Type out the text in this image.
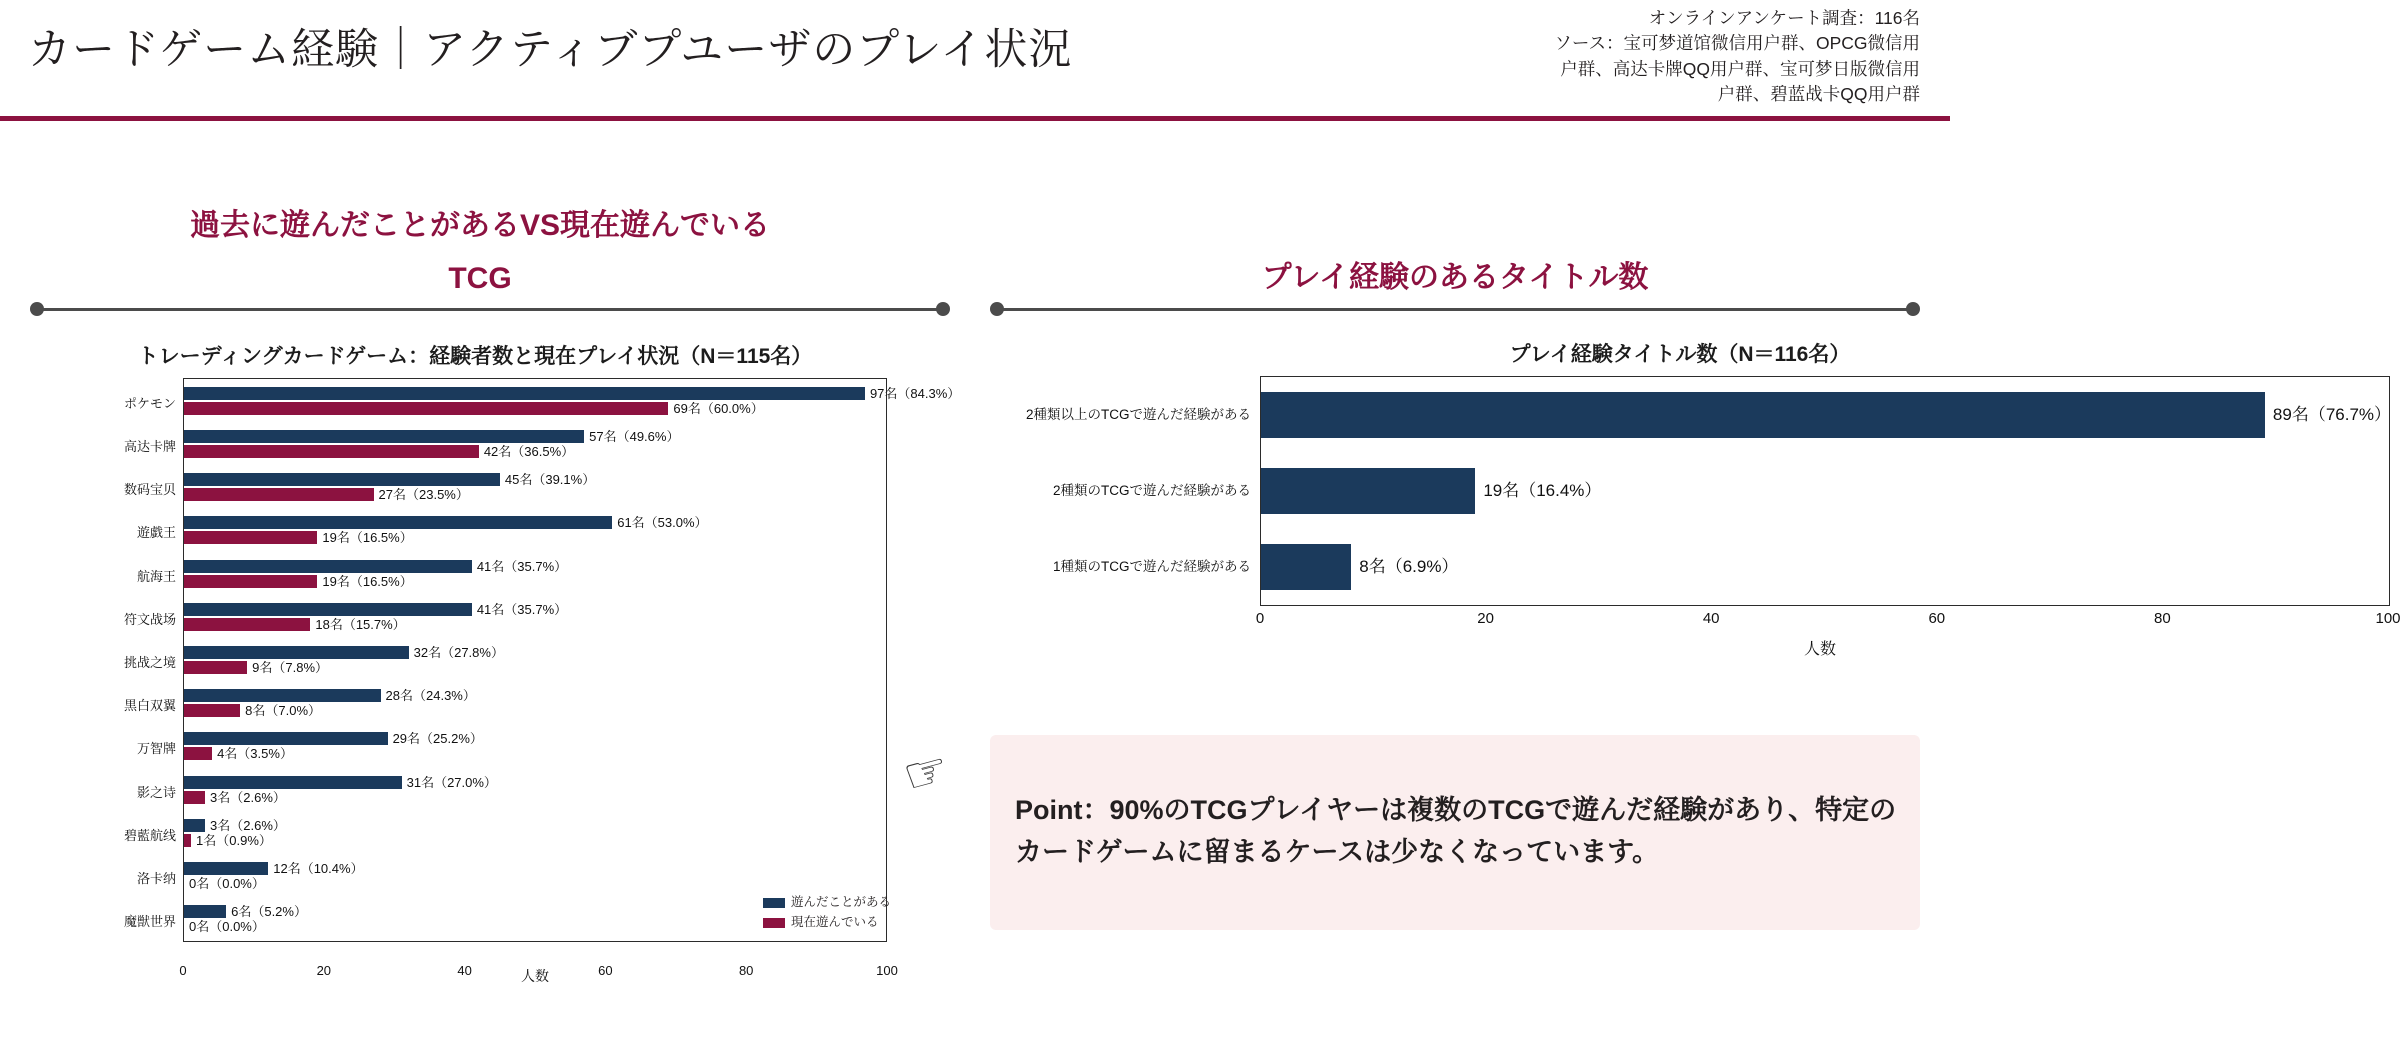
カードゲーム経験｜アクティブプユーザのプレイ状況
オンラインアンケート調査：116名
ソース：宝可梦道馆微信用户群、OPCG微信用
户群、高达卡牌QQ用户群、宝可梦日版微信用
户群、碧蓝战卡QQ用户群
過去に遊んだことがあるVS現在遊んでいる
TCG	プレイ経験のあるタイトル数
トレーディングカードゲーム：経験者数と現在プレイ状況（N＝115名）
ポケモン
97名（84.3%）
69名（60.0%）
高达卡牌
57名（49.6%）
42名（36.5%）
数码宝贝
45名（39.1%）
27名（23.5%）
遊戯王
61名（53.0%）
19名（16.5%）
航海王
41名（35.7%）
19名（16.5%）
符文战场
41名（35.7%）
18名（15.7%）
挑战之境
32名（27.8%）
9名（7.8%）
黒白双翼
28名（24.3%）
8名（7.0%）
万智牌
29名（25.2%）
4名（3.5%）
影之诗
31名（27.0%）
3名（2.6%）
碧藍航线
3名（2.6%）
1名（0.9%）
洛卡纳
12名（10.4%）
0名（0.0%）
魔獣世界
6名（5.2%）
0名（0.0%）
0	20	40	60	80	100
人数
遊んだことがある
現在遊んでいる
プレイ経験タイトル数（N＝116名）
2種類以上のTCGで遊んだ経験がある	89名（76.7%）
2種類のTCGで遊んだ経験がある	19名（16.4%）
1種類のTCGで遊んだ経験がある	8名（6.9%）
0	20	40	60	80	100
人数
☞
Point：90%のTCGプレイヤーは複数のTCGで遊んだ経験があり、特定のカードゲームに留まるケースは少なくなっています。
